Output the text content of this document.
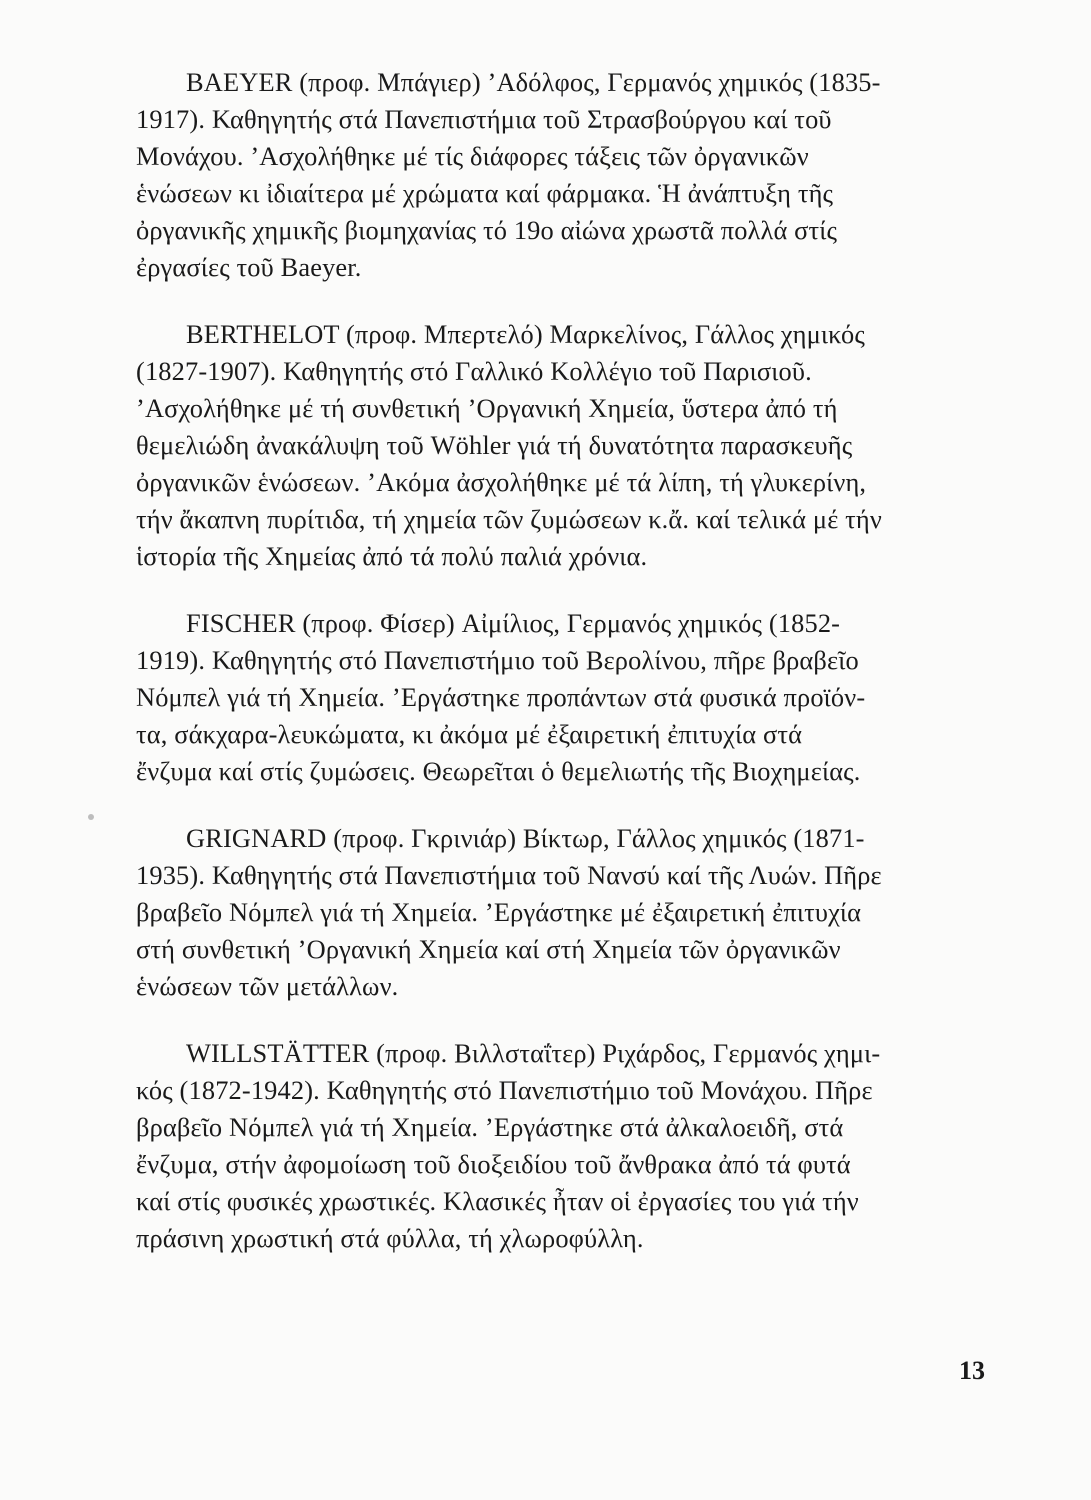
BAEYER (προφ. Μπάγιερ) ’Αδόλφος, Γερμανός χημικός (1835-
1917). Καθηγητής στά Πανεπιστήμια τοῦ Στρασβούργου καί τοῦ
Μονάχου. ’Ασχολήθηκε μέ τίς διάφορες τάξεις τῶν ὀργανικῶν
ἑνώσεων κι ἰδιαίτερα μέ χρώματα καί φάρμακα. Ἡ ἀνάπτυξη τῆς
ὀργανικῆς χημικῆς βιομηχανίας τό 19ο αἰώνα χρωστᾶ πολλά στίς
ἐργασίες τοῦ Baeyer.
BERTHELOT (προφ. Μπερτελό) Μαρκελίνος, Γάλλος χημικός
(1827-1907). Καθηγητής στό Γαλλικό Κολλέγιο τοῦ Παρισιοῦ.
’Ασχολήθηκε μέ τή συνθετική ’Οργανική Χημεία, ὕστερα ἀπό τή
θεμελιώδη ἀνακάλυψη τοῦ Wöhler γιά τή δυνατότητα παρασκευῆς
ὀργανικῶν ἑνώσεων. ’Ακόμα ἀσχολήθηκε μέ τά λίπη, τή γλυκερίνη,
τήν ἄκαπνη πυρίτιδα, τή χημεία τῶν ζυμώσεων κ.ἄ. καί τελικά μέ τήν
ἱστορία τῆς Χημείας ἀπό τά πολύ παλιά χρόνια.
FISCHER (προφ. Φίσερ) Αἰμίλιος, Γερμανός χημικός (1852-
1919). Καθηγητής στό Πανεπιστήμιο τοῦ Βερολίνου, πῆρε βραβεῖο
Νόμπελ γιά τή Χημεία. ’Εργάστηκε προπάντων στά φυσικά προϊόν-
τα, σάκχαρα-λευκώματα, κι ἀκόμα μέ ἐξαιρετική ἐπιτυχία στά
ἔνζυμα καί στίς ζυμώσεις. Θεωρεῖται ὁ θεμελιωτής τῆς Βιοχημείας.
GRIGNARD (προφ. Γκρινιάρ) Βίκτωρ, Γάλλος χημικός (1871-
1935). Καθηγητής στά Πανεπιστήμια τοῦ Νανσύ καί τῆς Λυών. Πῆρε
βραβεῖο Νόμπελ γιά τή Χημεία. ’Εργάστηκε μέ ἐξαιρετική ἐπιτυχία
στή συνθετική ’Οργανική Χημεία καί στή Χημεία τῶν ὀργανικῶν
ἑνώσεων τῶν μετάλλων.
WILLSTÄTTER (προφ. Βιλλσταΐτερ) Ριχάρδος, Γερμανός χημι-
κός (1872-1942). Καθηγητής στό Πανεπιστήμιο τοῦ Μονάχου. Πῆρε
βραβεῖο Νόμπελ γιά τή Χημεία. ’Εργάστηκε στά ἀλκαλοειδῆ, στά
ἔνζυμα, στήν ἀφομοίωση τοῦ διοξειδίου τοῦ ἄνθρακα ἀπό τά φυτά
καί στίς φυσικές χρωστικές. Κλασικές ἦταν οἱ ἐργασίες του γιά τήν
πράσινη χρωστική στά φύλλα, τή χλωροφύλλη.
13
